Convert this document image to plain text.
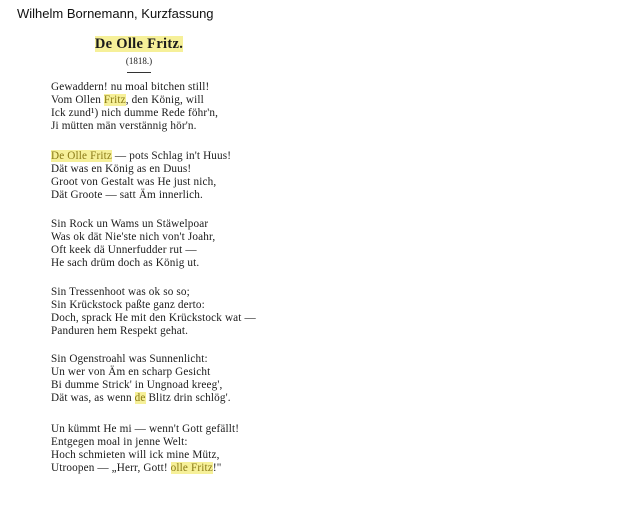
Wilhelm Bornemann, Kurzfassung
De Olle Fritz.
(1818.)
Gewaddern! nu moal bitchen still!
Vom Ollen Fritz, den König, will
Ick zund¹) nich dumme Rede föhr'n,
Ji mütten män verstännig hör'n.
De Olle Fritz — pots Schlag in't Huus!
Dät was en König as en Duus!
Groot von Gestalt was He just nich,
Dät Groote — satt Äm innerlich.
Sin Rock un Wams un Stäwelpoar
Was ok dät Nie'ste nich von't Joahr,
Oft keek dä Unnerfudder rut —
He sach drüm doch as König ut.
Sin Tressenhoot was ok so so;
Sin Krückstock paßte ganz derto:
Doch, sprack He mit den Krückstock wat —
Panduren hem Respekt gehat.
Sin Ogenstroahl was Sunnenlicht:
Un wer von Äm en scharp Gesicht
Bi dumme Strick' in Ungnoad kreeg',
Dät was, as wenn de Blitz drin schlög'.
Un kümmt He mi — wenn't Gott gefällt!
Entgegen moal in jenne Welt:
Hoch schmieten will ick mine Mütz,
Utroopen — „Herr, Gott! olle Fritz!"
